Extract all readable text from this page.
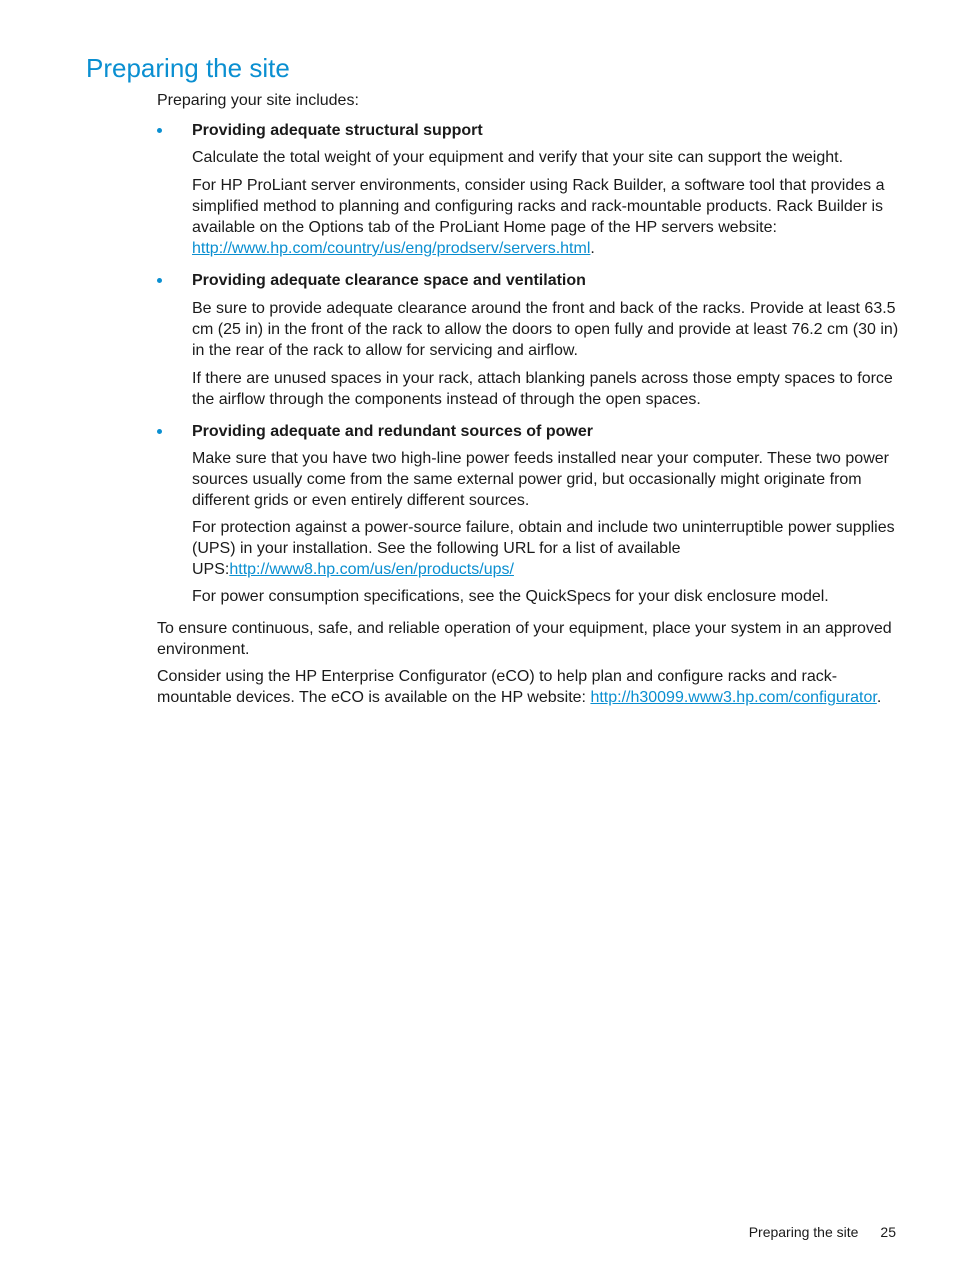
Preparing the site

Preparing your site includes:

Providing adequate structural support

Calculate the total weight of your equipment and verify that your site can support the weight.

For HP ProLiant server environments, consider using Rack Builder, a software tool that provides a simplified method to planning and configuring racks and rack-mountable products. Rack Builder is available on the Options tab of the ProLiant Home page of the HP servers website: http://www.hp.com/country/us/eng/prodserv/servers.html.

Providing adequate clearance space and ventilation

Be sure to provide adequate clearance around the front and back of the racks. Provide at least 63.5 cm (25 in) in the front of the rack to allow the doors to open fully and provide at least 76.2 cm (30 in) in the rear of the rack to allow for servicing and airflow.

If there are unused spaces in your rack, attach blanking panels across those empty spaces to force the airflow through the components instead of through the open spaces.

Providing adequate and redundant sources of power

Make sure that you have two high-line power feeds installed near your computer. These two power sources usually come from the same external power grid, but occasionally might originate from different grids or even entirely different sources.

For protection against a power-source failure, obtain and include two uninterruptible power supplies (UPS) in your installation. See the following URL for a list of available UPS:http://www8.hp.com/us/en/products/ups/

For power consumption specifications, see the QuickSpecs for your disk enclosure model.

To ensure continuous, safe, and reliable operation of your equipment, place your system in an approved environment.

Consider using the HP Enterprise Configurator (eCO) to help plan and configure racks and rack-mountable devices. The eCO is available on the HP website: http://h30099.www3.hp.com/configurator.

Preparing the site 25
